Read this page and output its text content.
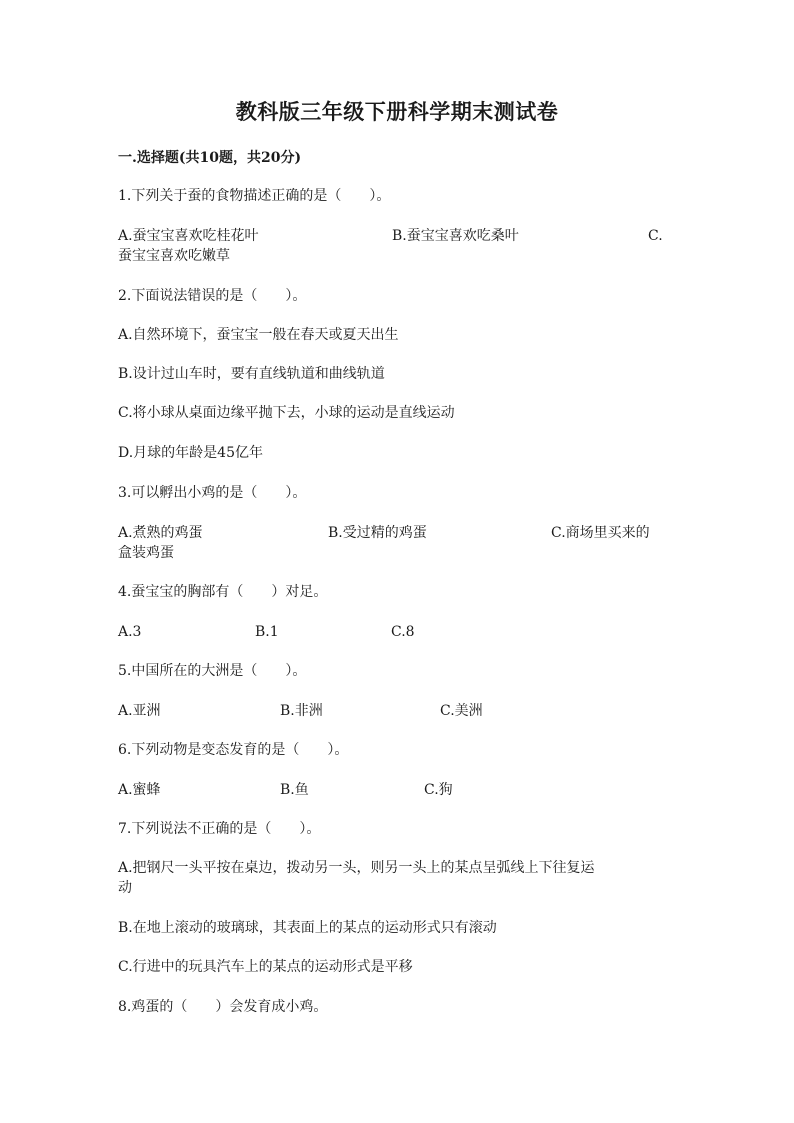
教科版三年级下册科学期末测试卷
一.选择题(共10题，共20分)
1.下列关于蚕的食物描述正确的是（　　）。
A.蚕宝宝喜欢吃桂花叶	B.蚕宝宝喜欢吃桑叶	C.
蚕宝宝喜欢吃嫩草
2.下面说法错误的是（　　）。
A.自然环境下，蚕宝宝一般在春天或夏天出生
B.设计过山车时，要有直线轨道和曲线轨道
C.将小球从桌面边缘平抛下去，小球的运动是直线运动
D.月球的年龄是45亿年
3.可以孵出小鸡的是（　　）。
A.煮熟的鸡蛋	B.受过精的鸡蛋	C.商场里买来的
盒装鸡蛋
4.蚕宝宝的胸部有（　　）对足。
A.3	B.1	C.8
5.中国所在的大洲是（　　）。
A.亚洲	B.非洲	C.美洲
6.下列动物是变态发育的是（　　）。
A.蜜蜂	B.鱼	C.狗
7.下列说法不正确的是（　　）。
A.把钢尺一头平按在桌边，拨动另一头，则另一头上的某点呈弧线上下往复运
动
B.在地上滚动的玻璃球，其表面上的某点的运动形式只有滚动
C.行进中的玩具汽车上的某点的运动形式是平移
8.鸡蛋的（　　）会发育成小鸡。
